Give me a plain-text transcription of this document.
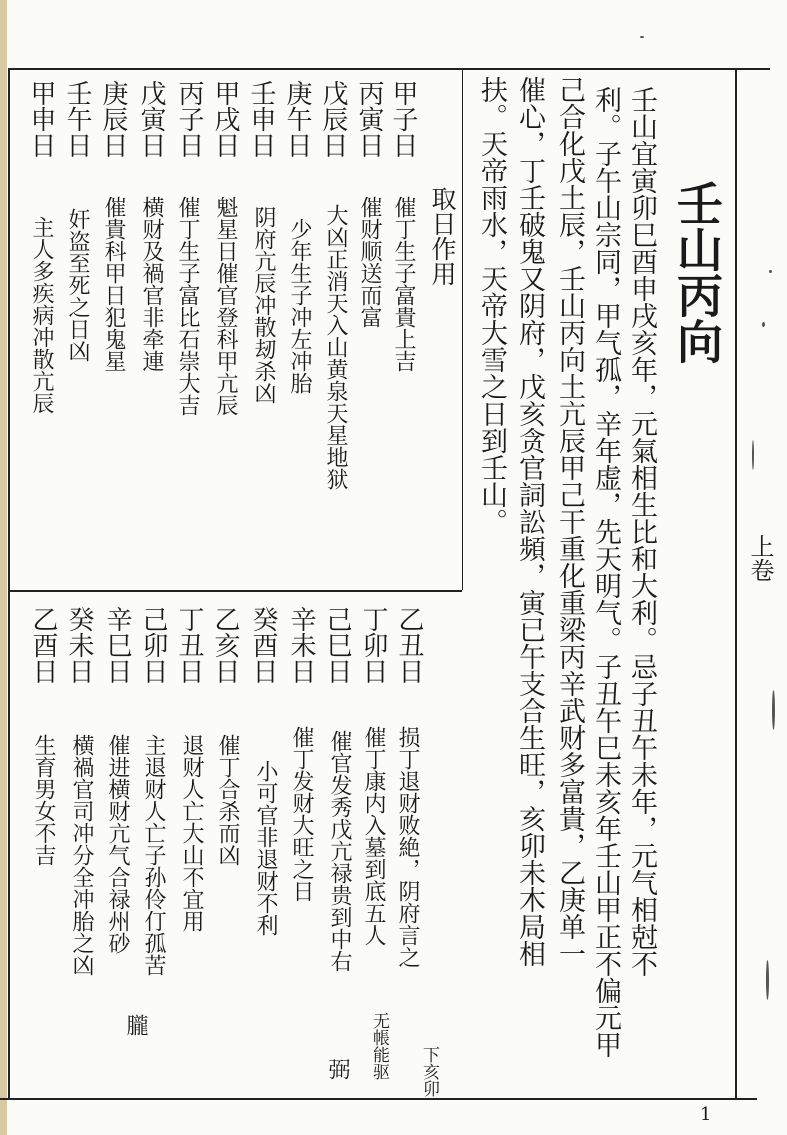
壬山丙向
壬山宜寅卯巳酉申戌亥年，元氣相生比和大利。忌子丑午未年，元气相尅不
利。子午山宗同，甲气孤，辛年虚，先天明气。子丑午巳未亥年壬山甲正不偏元甲
己合化戊土辰，壬山丙向土亢辰甲己干重化重梁丙辛武财多富貴，乙庚单一
催心，丁壬破鬼又阴府，戊亥贪官詞訟頻，寅已午支合生旺，亥卯未木局相
扶。天帝雨水，天帝大雪之日到壬山。
取日作用
甲子日
催丁生子富貴上吉
丙寅日
催财顺送而富
戊辰日
大凶正消天入山黄泉天星地狱
庚午日
少年生子冲左冲胎
壬申日
阴府亢辰冲散刼杀凶
甲戌日
魁星日催官登科甲亢辰
丙子日
催丁生子富比石崇大吉
戊寅日
横财及禍官非牵連
庚辰日
催貴科甲日犯鬼星
壬午日
奸盗至死之日凶
甲申日
主人多疾病冲散亢辰
乙丑日
损丁退财败絶，阴府言之
下亥卯
丁卯日
催丁康内入墓到底五人
无帳能驱
己巳日
催官发秀戊亢禄贵到中右
弼
辛未日
催丁发财大旺之日
癸酉日
小可官非退财不利
乙亥日
催丁合杀而凶
丁丑日
退财人亡大山不宜用
己卯日
主退财人亡子孙伶仃孤苦
辛巳日
催进横财亢气合禄州砂
朧
癸未日
横禍官司冲分全冲胎之凶
乙酉日
生育男女不吉
上卷
1
